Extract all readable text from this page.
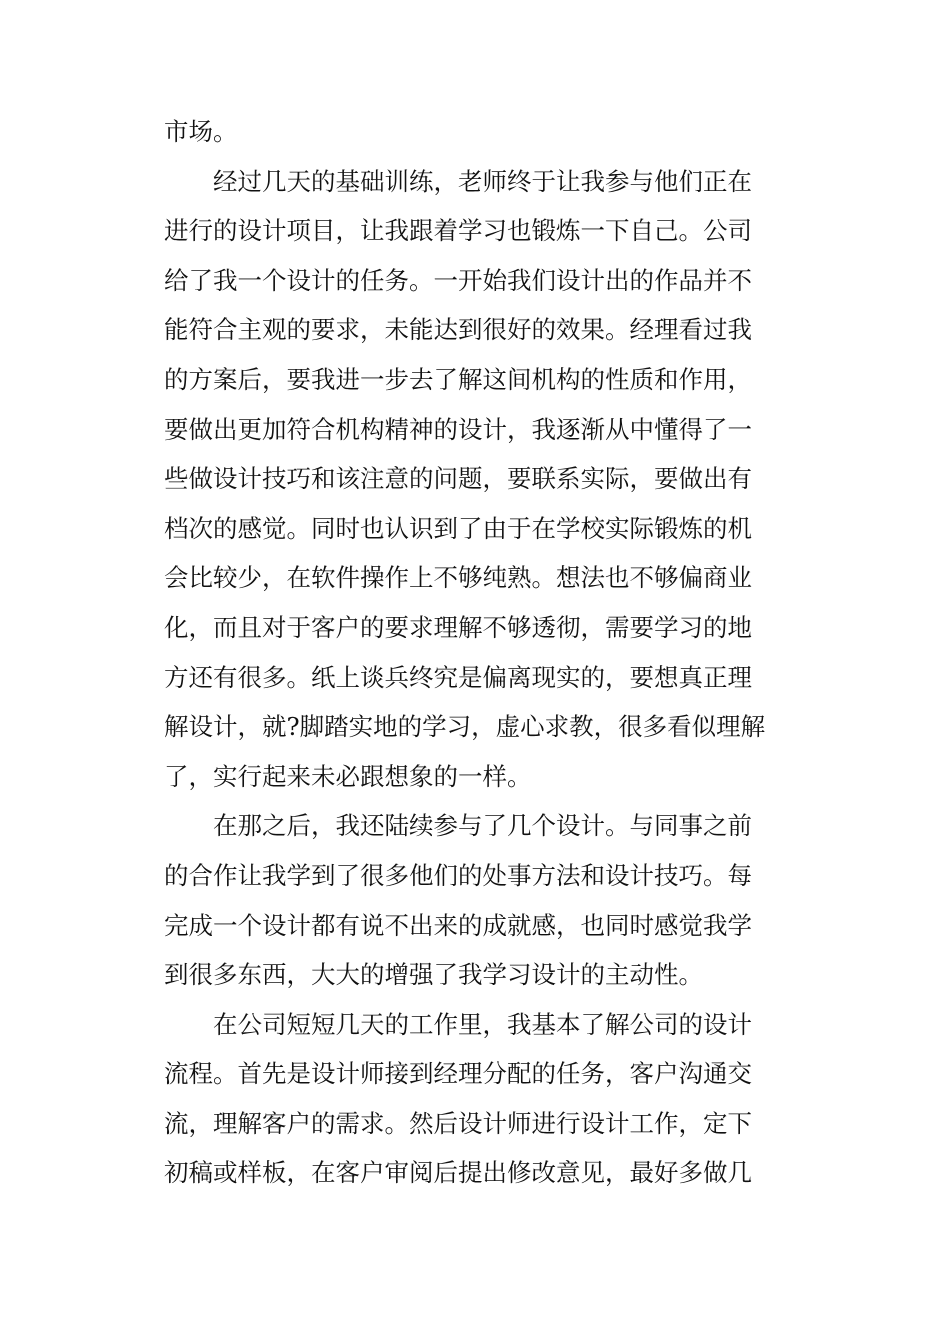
市场。
经过几天的基础训练，老师终于让我参与他们正在
进行的设计项目，让我跟着学习也锻炼一下自己。公司
给了我一个设计的任务。一开始我们设计出的作品并不
能符合主观的要求，未能达到很好的效果。经理看过我
的方案后，要我进一步去了解这间机构的性质和作用，
要做出更加符合机构精神的设计，我逐渐从中懂得了一
些做设计技巧和该注意的问题，要联系实际，要做出有
档次的感觉。同时也认识到了由于在学校实际锻炼的机
会比较少，在软件操作上不够纯熟。想法也不够偏商业
化，而且对于客户的要求理解不够透彻，需要学习的地
方还有很多。纸上谈兵终究是偏离现实的，要想真正理
解设计，就?脚踏实地的学习，虚心求教，很多看似理解
了，实行起来未必跟想象的一样。
在那之后，我还陆续参与了几个设计。与同事之前
的合作让我学到了很多他们的处事方法和设计技巧。每
完成一个设计都有说不出来的成就感，也同时感觉我学
到很多东西，大大的增强了我学习设计的主动性。
在公司短短几天的工作里，我基本了解公司的设计
流程。首先是设计师接到经理分配的任务，客户沟通交
流，理解客户的需求。然后设计师进行设计工作，定下
初稿或样板，在客户审阅后提出修改意见，最好多做几
